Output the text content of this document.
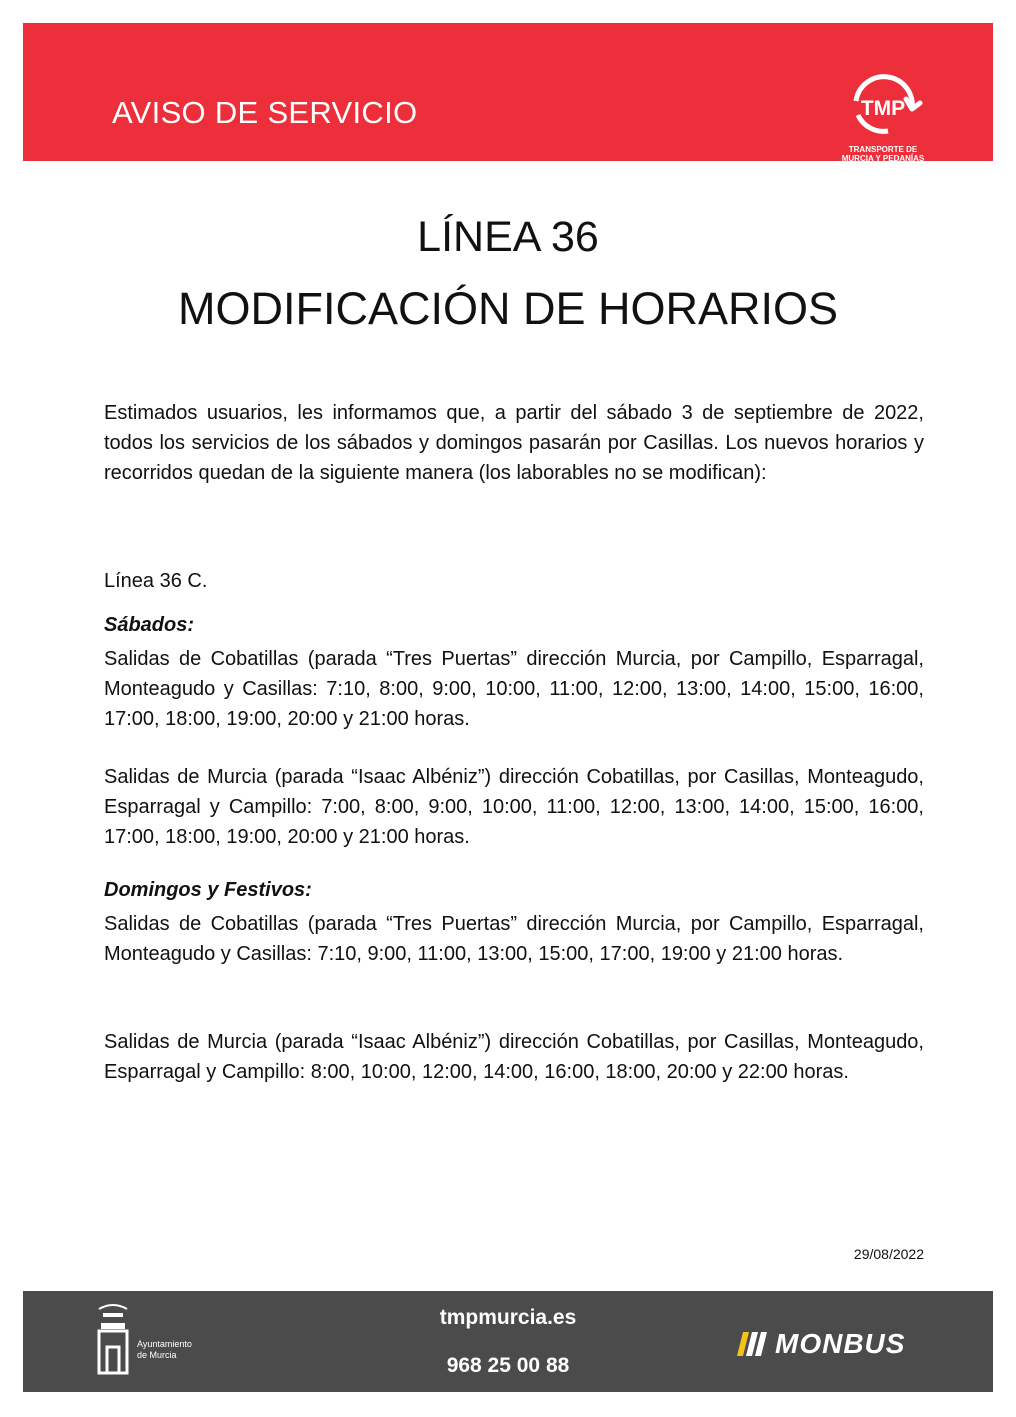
AVISO DE SERVICIO	TMP
TRANSPORTE DE
MURCIA Y PEDANÍAS
LÍNEA 36
MODIFICACIÓN DE HORARIOS

Estimados usuarios, les informamos que, a partir del sábado 3 de septiembre de 2022, todos los servicios de los sábados y domingos pasarán por Casillas. Los nuevos horarios y recorridos quedan de la siguiente manera (los laborables no se modifican):

Línea 36 C.
Sábados:

Salidas de Cobatillas (parada “Tres Puertas” dirección Murcia, por Campillo, Esparragal, Monteagudo y Casillas: 7:10, 8:00, 9:00, 10:00, 11:00, 12:00, 13:00, 14:00, 15:00, 16:00, 17:00, 18:00, 19:00, 20:00 y 21:00 horas.

Salidas de Murcia (parada “Isaac Albéniz”) dirección Cobatillas, por Casillas, Monteagudo, Esparragal y Campillo: 7:00, 8:00, 9:00, 10:00, 11:00, 12:00, 13:00, 14:00, 15:00, 16:00, 17:00, 18:00, 19:00, 20:00 y 21:00 horas.

Domingos y Festivos:

Salidas de Cobatillas (parada “Tres Puertas” dirección Murcia, por Campillo, Esparragal, Monteagudo y Casillas: 7:10, 9:00, 11:00, 13:00, 15:00, 17:00, 19:00 y 21:00 horas.

Salidas de Murcia (parada “Isaac Albéniz”) dirección Cobatillas, por Casillas, Monteagudo, Esparragal y Campillo: 8:00, 10:00, 12:00, 14:00, 16:00, 18:00, 20:00 y 22:00 horas.

29/08/2022
Ayuntamiento
de Murcia
tmpmurcia.es
968 25 00 88
MONBUS
